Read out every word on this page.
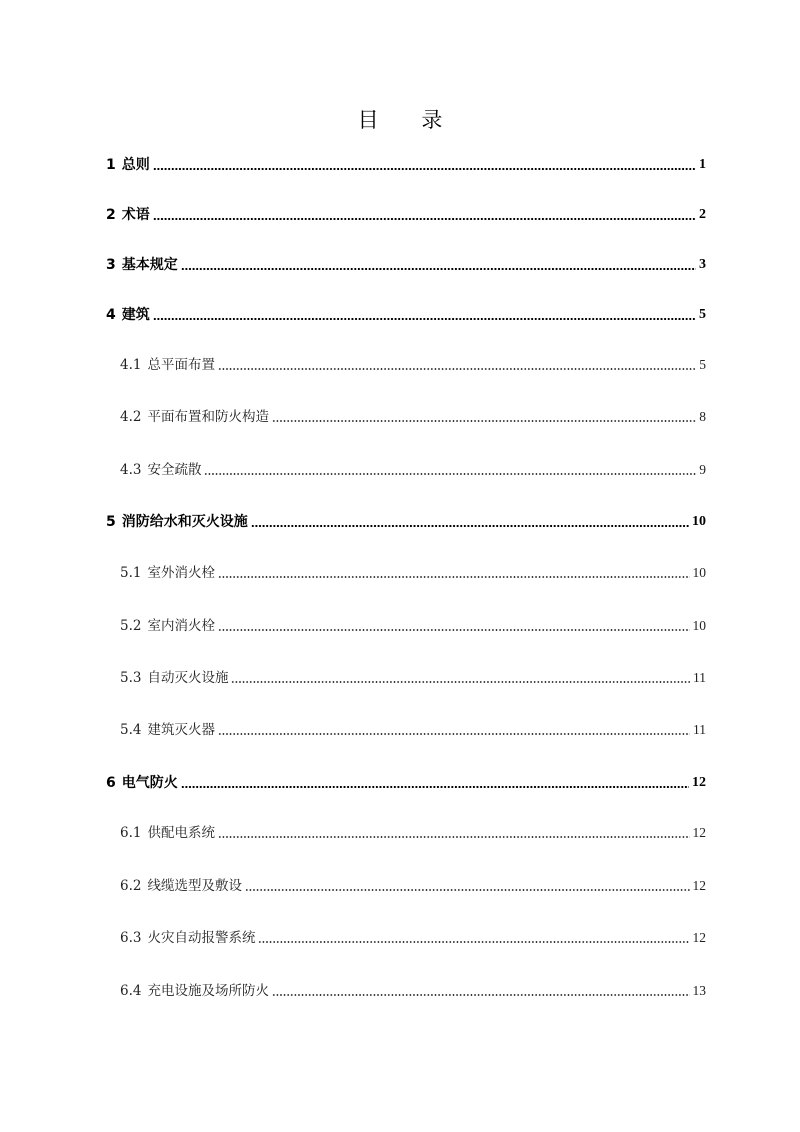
目 录
1 总则	1
2 术语	2
3 基本规定	3
4 建筑	5
4.1 总平面布置	5
4.2 平面布置和防火构造	8
4.3 安全疏散	9
5 消防给水和灭火设施	10
5.1 室外消火栓	10
5.2 室内消火栓	10
5.3 自动灭火设施	11
5.4 建筑灭火器	11
6 电气防火	12
6.1 供配电系统	12
6.2 线缆选型及敷设	12
6.3 火灾自动报警系统	12
6.4 充电设施及场所防火	13
